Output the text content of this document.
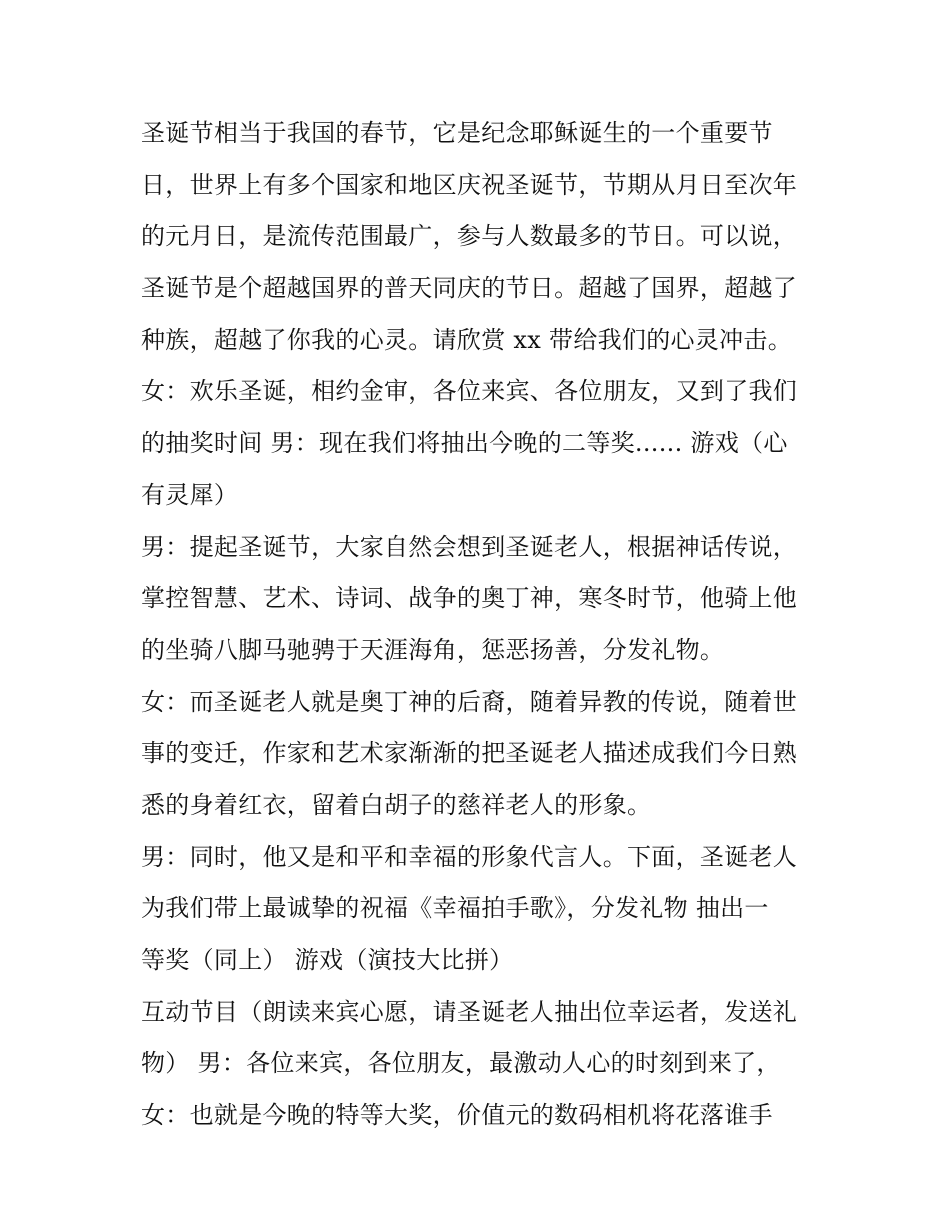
圣诞节相当于我国的春节，它是纪念耶稣诞生的一个重要节
日，世界上有多个国家和地区庆祝圣诞节，节期从月日至次年
的元月日，是流传范围最广，参与人数最多的节日。可以说，
圣诞节是个超越国界的普天同庆的节日。超越了国界，超越了
种族，超越了你我的心灵。请欣赏 xx 带给我们的心灵冲击。
女：欢乐圣诞，相约金审，各位来宾、各位朋友，又到了我们
的抽奖时间 男：现在我们将抽出今晚的二等奖...... 游戏（心
有灵犀）
男：提起圣诞节，大家自然会想到圣诞老人，根据神话传说，
掌控智慧、艺术、诗词、战争的奥丁神，寒冬时节，他骑上他
的坐骑八脚马驰骋于天涯海角，惩恶扬善，分发礼物。
女：而圣诞老人就是奥丁神的后裔，随着异教的传说，随着世
事的变迁，作家和艺术家渐渐的把圣诞老人描述成我们今日熟
悉的身着红衣，留着白胡子的慈祥老人的形象。
男：同时，他又是和平和幸福的形象代言人。下面，圣诞老人
为我们带上最诚挚的祝福《幸福拍手歌》，分发礼物 抽出一
等奖（同上） 游戏（演技大比拼）
互动节目（朗读来宾心愿，请圣诞老人抽出位幸运者，发送礼
物） 男：各位来宾，各位朋友，最激动人心的时刻到来了，
女：也就是今晚的特等大奖，价值元的数码相机将花落谁手
